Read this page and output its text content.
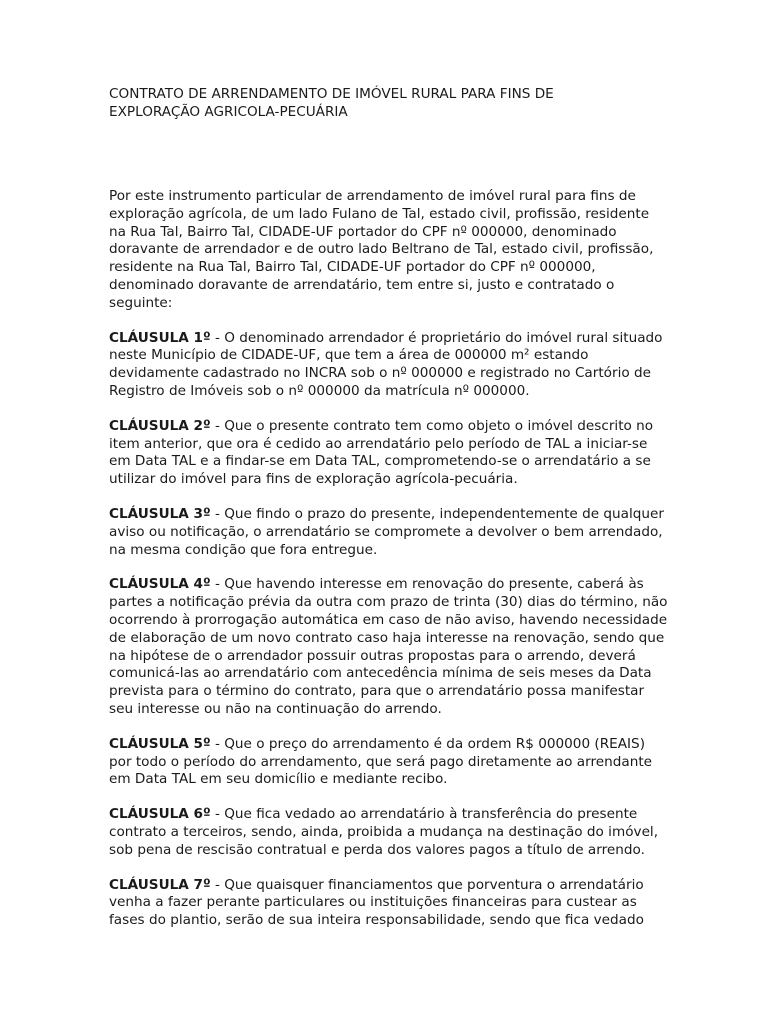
CONTRATO DE ARRENDAMENTO DE IMÓVEL RURAL PARA FINS DE
EXPLORAÇÃO AGRICOLA-PECUÁRIA

Por este instrumento particular de arrendamento de imóvel rural para fins de exploração agrícola, de um lado Fulano de Tal, estado civil, profissão, residente na Rua Tal, Bairro Tal, CIDADE-UF portador do CPF nº 000000, denominado doravante de arrendador e de outro lado Beltrano de Tal, estado civil, profissão, residente na Rua Tal, Bairro Tal, CIDADE-UF portador do CPF nº 000000, denominado doravante de arrendatário, tem entre si, justo e contratado o seguinte:

CLÁUSULA 1º - O denominado arrendador é proprietário do imóvel rural situado neste Município de CIDADE-UF, que tem a área de 000000 m² estando devidamente cadastrado no INCRA sob o nº 000000 e registrado no Cartório de Registro de Imóveis sob o nº 000000 da matrícula nº 000000.

CLÁUSULA 2º - Que o presente contrato tem como objeto o imóvel descrito no item anterior, que ora é cedido ao arrendatário pelo período de TAL a iniciar-se em Data TAL e a findar-se em Data TAL, comprometendo-se o arrendatário a se utilizar do imóvel para fins de exploração agrícola-pecuária.

CLÁUSULA 3º - Que findo o prazo do presente, independentemente de qualquer aviso ou notificação, o arrendatário se compromete a devolver o bem arrendado, na mesma condição que fora entregue.

CLÁUSULA 4º - Que havendo interesse em renovação do presente, caberá às partes a notificação prévia da outra com prazo de trinta (30) dias do término, não ocorrendo à prorrogação automática em caso de não aviso, havendo necessidade de elaboração de um novo contrato caso haja interesse na renovação, sendo que na hipótese de o arrendador possuir outras propostas para o arrendo, deverá comunicá-las ao arrendatário com antecedência mínima de seis meses da Data prevista para o término do contrato, para que o arrendatário possa manifestar seu interesse ou não na continuação do arrendo.

CLÁUSULA 5º - Que o preço do arrendamento é da ordem R$ 000000 (REAIS) por todo o período do arrendamento, que será pago diretamente ao arrendante em Data TAL em seu domicílio e mediante recibo.

CLÁUSULA 6º - Que fica vedado ao arrendatário à transferência do presente contrato a terceiros, sendo, ainda, proibida a mudança na destinação do imóvel, sob pena de rescisão contratual e perda dos valores pagos a título de arrendo.

CLÁUSULA 7º - Que quaisquer financiamentos que porventura o arrendatário venha a fazer perante particulares ou instituições financeiras para custear as fases do plantio, serão de sua inteira responsabilidade, sendo que fica vedado
